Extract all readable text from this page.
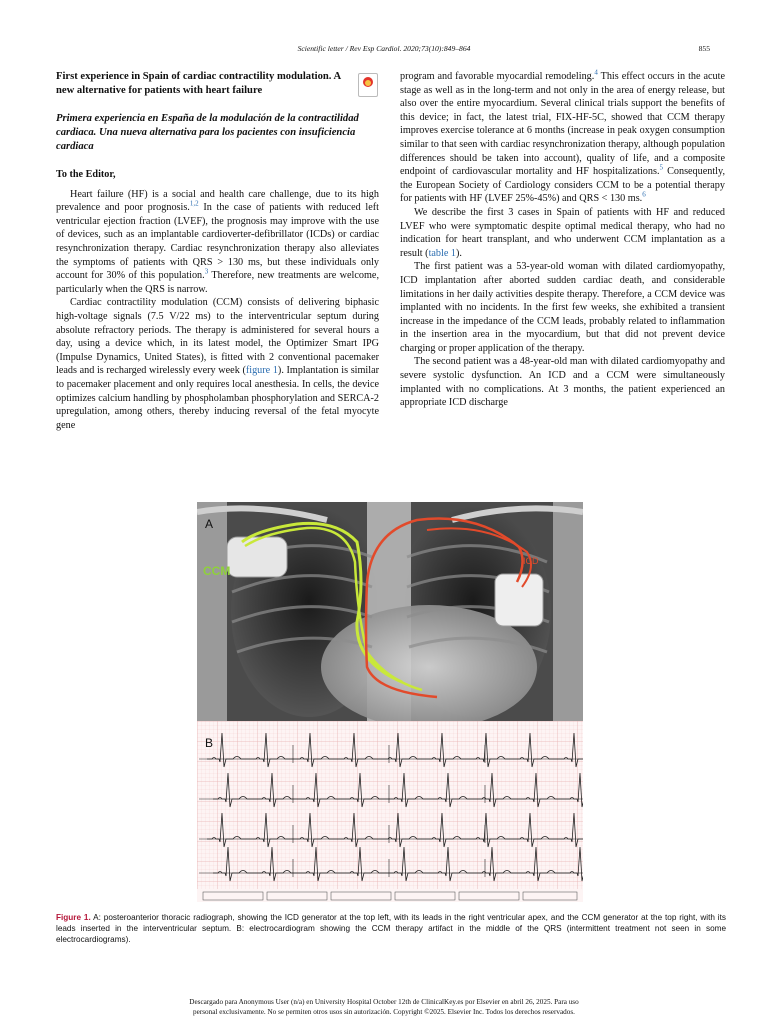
Scientific letter / Rev Esp Cardiol. 2020;73(10):849–864	855
First experience in Spain of cardiac contractility modulation. A new alternative for patients with heart failure
Primera experiencia en España de la modulación de la contractilidad cardiaca. Una nueva alternativa para los pacientes con insuficiencia cardiaca
To the Editor,

Heart failure (HF) is a social and health care challenge, due to its high prevalence and poor prognosis.$^{1,2}$ In the case of patients with reduced left ventricular ejection fraction (LVEF), the prognosis may improve with the use of devices, such as an implantable cardioverter-defibrillator (ICDs) or cardiac resynchronization therapy. Cardiac resynchronization therapy also alleviates the symptoms of patients with QRS > 130 ms, but these individuals only account for 30% of this population.$^3$ Therefore, new treatments are welcome, particularly when the QRS is narrow.

Cardiac contractility modulation (CCM) consists of delivering biphasic high-voltage signals (7.5 V/22 ms) to the interventricular septum during absolute refractory periods. The therapy is administered for several hours a day, using a device which, in its latest model, the Optimizer Smart IPG (Impulse Dynamics, United States), is fitted with 2 conventional pacemaker leads and is recharged wirelessly every week (figure 1). Implantation is similar to pacemaker placement and only requires local anesthesia. In cells, the device optimizes calcium handling by phospholamban phosphorylation and SERCA-2 upregulation, among others, thereby inducing reversal of the fetal myocyte gene

program and favorable myocardial remodeling.$^4$ This effect occurs in the acute stage as well as in the long-term and not only in the area of energy release, but also over the entire myocardium. Several clinical trials support the benefits of this device; in fact, the latest trial, FIX-HF-5C, showed that CCM therapy improves exercise tolerance at 6 months (increase in peak oxygen consumption similar to that seen with cardiac resynchronization therapy, although population differences should be taken into account), quality of life, and a composite endpoint of cardiovascular mortality and HF hospitalizations.$^5$ Consequently, the European Society of Cardiology considers CCM to be a potential therapy for patients with HF (LVEF 25%-45%) and QRS < 130 ms.$^6$

We describe the first 3 cases in Spain of patients with HF and reduced LVEF who were symptomatic despite optimal medical therapy, who had no indication for heart transplant, and who underwent CCM implantation as a result (table 1).

The first patient was a 53-year-old woman with dilated cardiomyopathy, ICD implantation after aborted sudden cardiac death, and considerable limitations in her daily activities despite therapy. Therefore, a CCM device was implanted with no incidents. In the first few weeks, she exhibited a transient increase in the impedance of the CCM leads, probably related to inflammation in the insertion area in the myocardium, but that did not prevent device charging or proper application of the therapy.

The second patient was a 48-year-old man with dilated cardiomyopathy and severe systolic dysfunction. An ICD and a CCM were simultaneously implanted with no complications. At 3 months, the patient experienced an appropriate ICD discharge

A
CCM
ICD
B
Figure 1. A: posteroanterior thoracic radiograph, showing the ICD generator at the top left, with its leads in the right ventricular apex, and the CCM generator at the top right, with its leads inserted in the interventricular septum. B: electrocardiogram showing the CCM therapy artifact in the middle of the QRS (intermittent treatment not seen in some electrocardiograms).
Descargado para Anonymous User (n/a) en University Hospital October 12th de ClinicalKey.es por Elsevier en abril 26, 2025. Para uso
personal exclusivamente. No se permiten otros usos sin autorización. Copyright ©2025. Elsevier Inc. Todos los derechos reservados.
